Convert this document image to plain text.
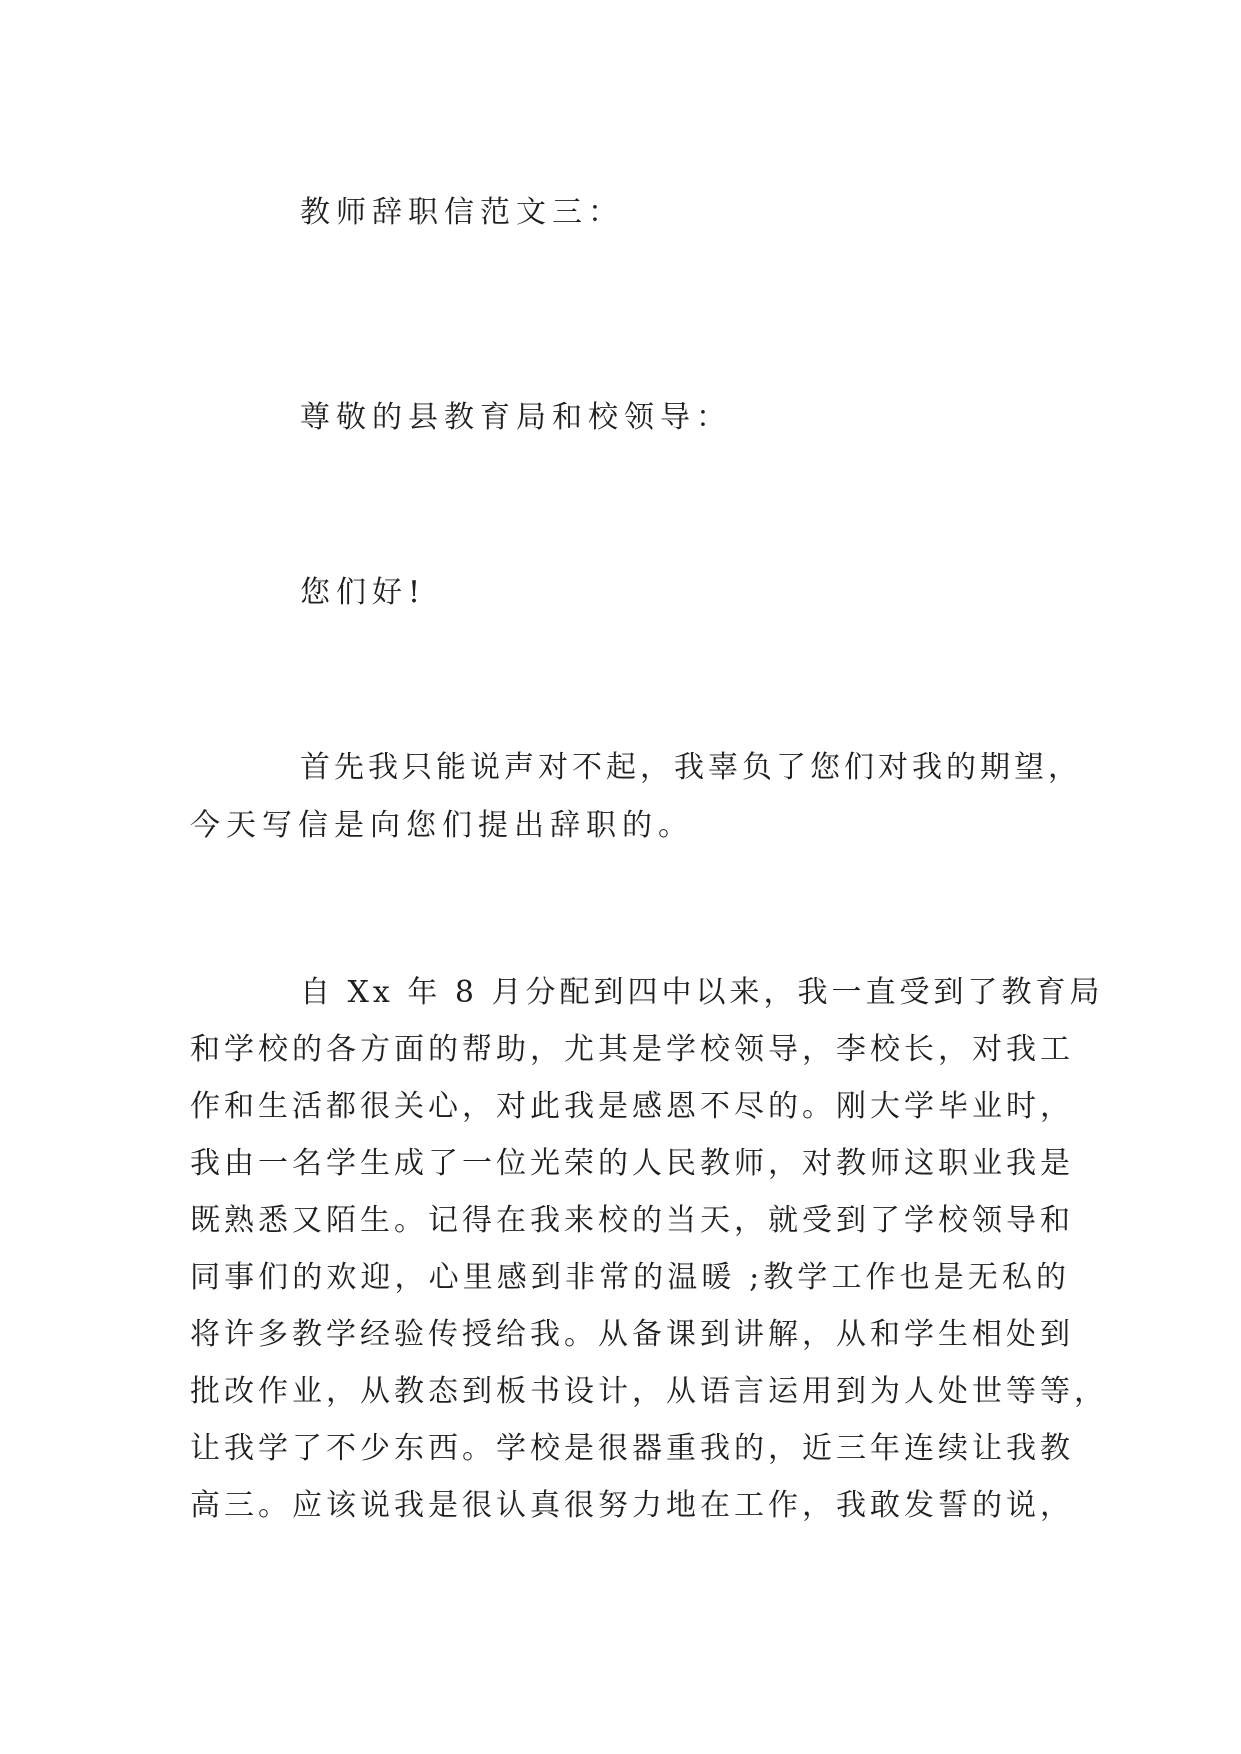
教师辞职信范文三：
尊敬的县教育局和校领导：
您们好!
首先我只能说声对不起，我辜负了您们对我的期望，
今天写信是向您们提出辞职的。
自 Xx 年 8 月分配到四中以来，我一直受到了教育局
和学校的各方面的帮助，尤其是学校领导，李校长，对我工
作和生活都很关心，对此我是感恩不尽的。刚大学毕业时，
我由一名学生成了一位光荣的人民教师，对教师这职业我是
既熟悉又陌生。记得在我来校的当天，就受到了学校领导和
同事们的欢迎，心里感到非常的温暖 ;教学工作也是无私的
将许多教学经验传授给我。从备课到讲解，从和学生相处到
批改作业，从教态到板书设计，从语言运用到为人处世等等，
让我学了不少东西。学校是很器重我的，近三年连续让我教
高三。应该说我是很认真很努力地在工作，我敢发誓的说，
